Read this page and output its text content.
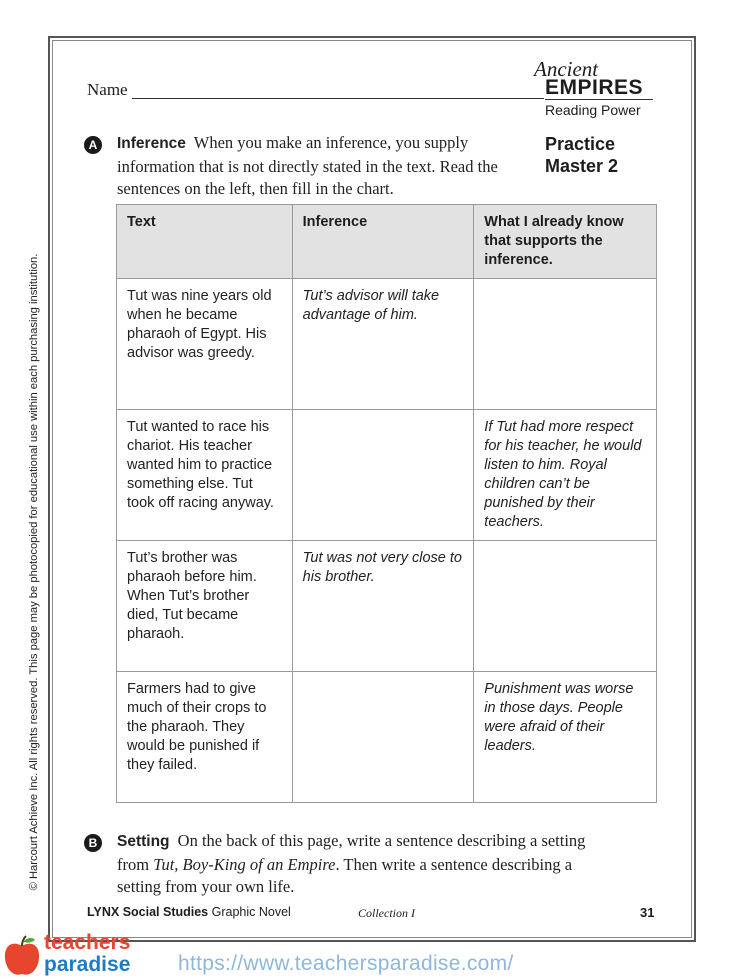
© Harcourt Achieve Inc. All rights reserved. This page may be photocopied for educational use within each purchasing institution.
Name
Ancient
EMPIRES
Reading Power
Practice
Master 2
A	Inference When you make an inference, you supply information that is not directly stated in the text. Read the sentences on the left, then fill in the chart.
Text	Inference	What I already know that supports the inference.
Tut was nine years old when he became pharaoh of Egypt. His advisor was greedy.	Tut’s advisor will take advantage of him.	
Tut wanted to race his chariot. His teacher wanted him to practice something else. Tut took off racing anyway.		If Tut had more respect for his teacher, he would listen to him. Royal children can’t be punished by their teachers.
Tut’s brother was pharaoh before him. When Tut’s brother died, Tut became pharaoh.	Tut was not very close to his brother.	
Farmers had to give much of their crops to the pharaoh. They would be punished if they failed.		Punishment was worse in those days. People were afraid of their leaders.
B	Setting On the back of this page, write a sentence describing a setting from Tut, Boy-King of an Empire. Then write a sentence describing a setting from your own life.
LYNX Social Studies Graphic Novel	Collection I	31
teachers
paradise https://www.teachersparadise.com/
